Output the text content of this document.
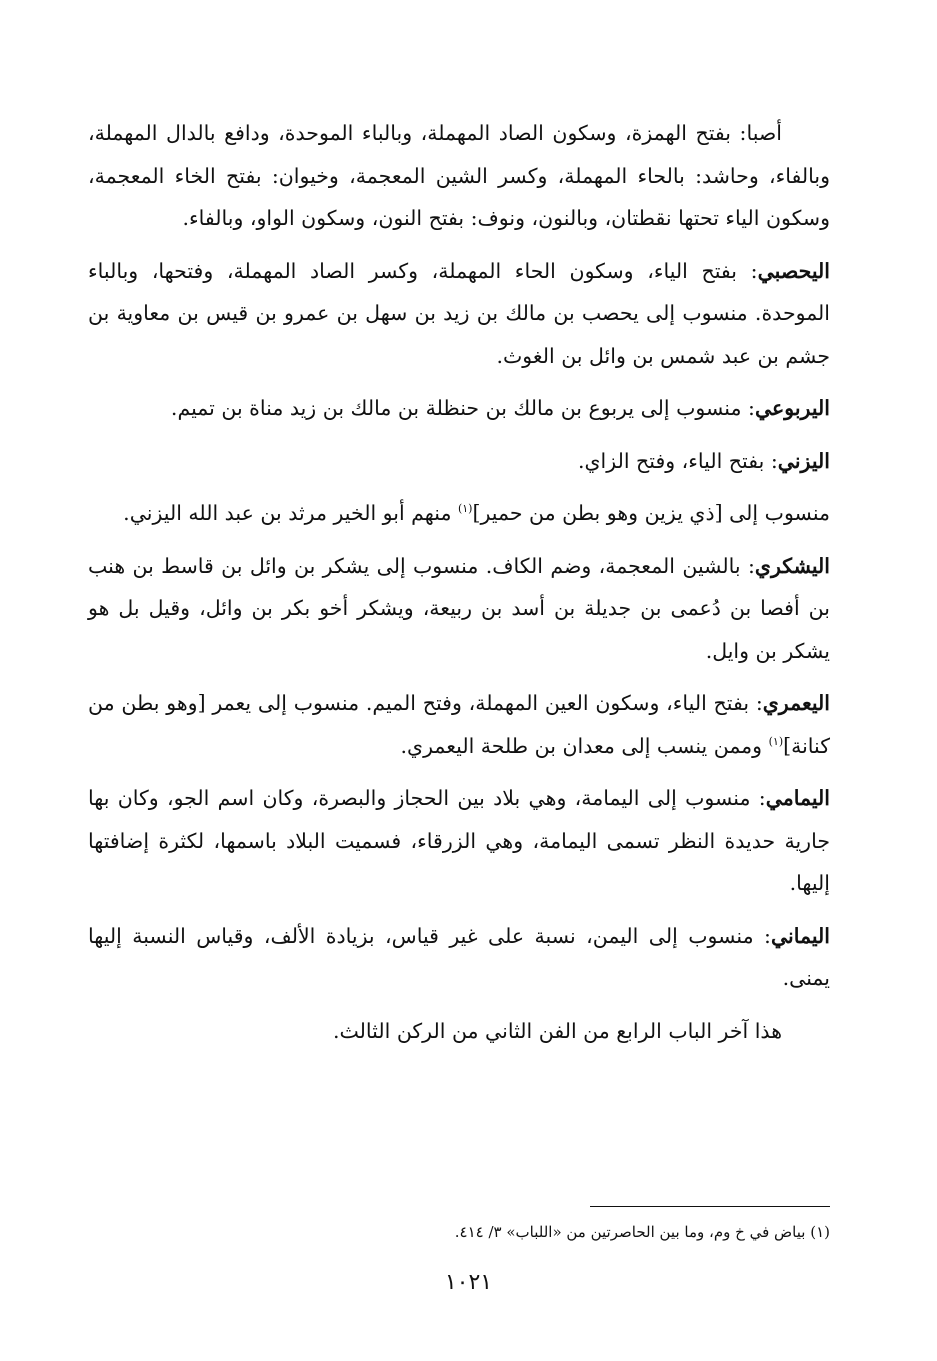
أصبا: بفتح الهمزة، وسكون الصاد المهملة، وبالباء الموحدة، ودافع بالدال المهملة، وبالفاء، وحاشد: بالحاء المهملة، وكسر الشين المعجمة، وخيوان: بفتح الخاء المعجمة، وسكون الياء تحتها نقطتان، وبالنون، ونوف: بفتح النون، وسكون الواو، وبالفاء.

اليحصبي: بفتح الياء، وسكون الحاء المهملة، وكسر الصاد المهملة، وفتحها، وبالباء الموحدة. منسوب إلى يحصب بن مالك بن زيد بن سهل بن عمرو بن قيس بن معاوية بن جشم بن عبد شمس بن وائل بن الغوث.

اليربوعي: منسوب إلى يربوع بن مالك بن حنظلة بن مالك بن زيد مناة بن تميم.

اليزني: بفتح الياء، وفتح الزاي.

منسوب إلى [ذي يزين وهو بطن من حمير]$^{(١)}$ منهم أبو الخير مرثد بن عبد الله اليزني.

اليشكري: بالشين المعجمة، وضم الكاف. منسوب إلى يشكر بن وائل بن قاسط بن هنب بن أفصا بن دُعمى بن جديلة بن أسد بن ربيعة، ويشكر أخو بكر بن وائل، وقيل بل هو يشكر بن وايل.

اليعمري: بفتح الياء، وسكون العين المهملة، وفتح الميم. منسوب إلى يعمر [وهو بطن من كنانة]$^{(١)}$ وممن ينسب إلى معدان بن طلحة اليعمري.

اليمامي: منسوب إلى اليمامة، وهي بلاد بين الحجاز والبصرة، وكان اسم الجو، وكان بها جارية حديدة النظر تسمى اليمامة، وهي الزرقاء، فسميت البلاد باسمها، لكثرة إضافتها إليها.

اليماني: منسوب إلى اليمن، نسبة على غير قياس، بزيادة الألف، وقياس النسبة إليها يمنى.

هذا آخر الباب الرابع من الفن الثاني من الركن الثالث.

(١) بياض في خ وم، وما بين الحاصرتين من «اللباب» ٣/ ٤١٤.
١٠٢١
